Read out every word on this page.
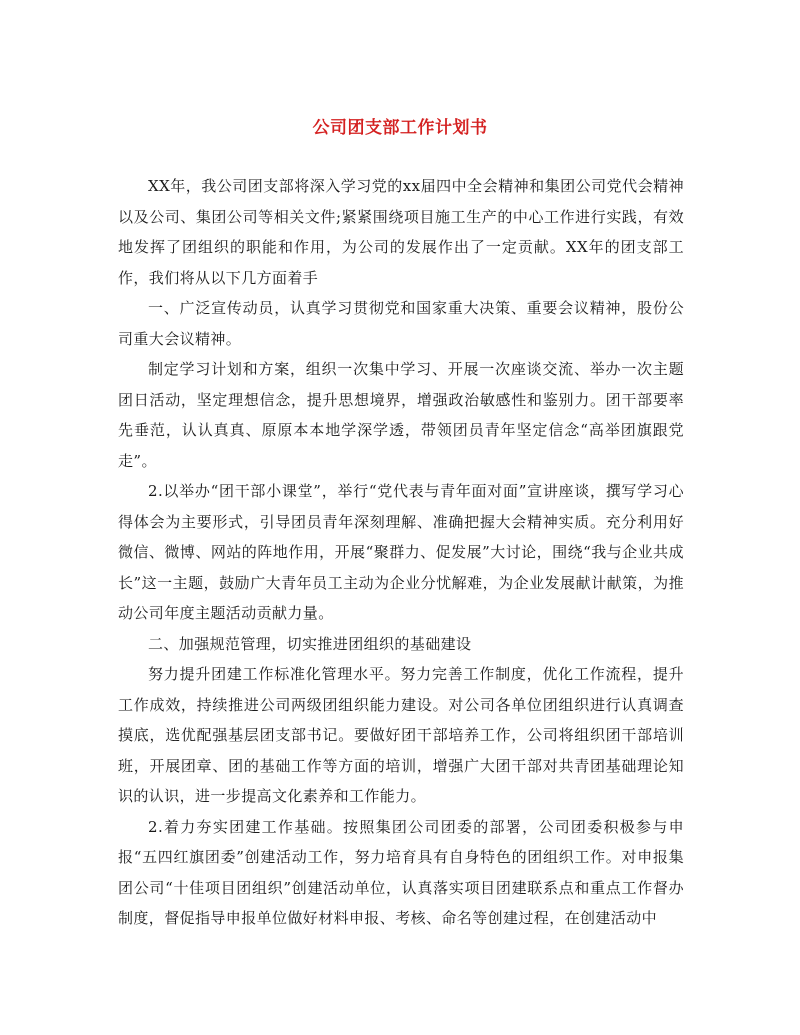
公司团支部工作计划书

XX年，我公司团支部将深入学习党的xx届四中全会精神和集团公司党代会精神以及公司、集团公司等相关文件;紧紧围绕项目施工生产的中心工作进行实践，有效地发挥了团组织的职能和作用，为公司的发展作出了一定贡献。XX年的团支部工作，我们将从以下几方面着手

一、广泛宣传动员，认真学习贯彻党和国家重大决策、重要会议精神，股份公司重大会议精神。

制定学习计划和方案，组织一次集中学习、开展一次座谈交流、举办一次主题团日活动，坚定理想信念，提升思想境界，增强政治敏感性和鉴别力。团干部要率先垂范，认认真真、原原本本地学深学透，带领团员青年坚定信念“高举团旗跟党走”。

2.以举办“团干部小课堂”，举行“党代表与青年面对面”宣讲座谈，撰写学习心得体会为主要形式，引导团员青年深刻理解、准确把握大会精神实质。充分利用好微信、微博、网站的阵地作用，开展“聚群力、促发展”大讨论，围绕“我与企业共成长”这一主题，鼓励广大青年员工主动为企业分忧解难，为企业发展献计献策，为推动公司年度主题活动贡献力量。

二、加强规范管理，切实推进团组织的基础建设

努力提升团建工作标准化管理水平。努力完善工作制度，优化工作流程，提升工作成效，持续推进公司两级团组织能力建设。对公司各单位团组织进行认真调查摸底，选优配强基层团支部书记。要做好团干部培养工作，公司将组织团干部培训班，开展团章、团的基础工作等方面的培训，增强广大团干部对共青团基础理论知识的认识，进一步提高文化素养和工作能力。

2.着力夯实团建工作基础。按照集团公司团委的部署，公司团委积极参与申报“五四红旗团委”创建活动工作，努力培育具有自身特色的团组织工作。对申报集团公司“十佳项目团组织”创建活动单位，认真落实项目团建联系点和重点工作督办制度，督促指导申报单位做好材料申报、考核、命名等创建过程，在创建活动中
